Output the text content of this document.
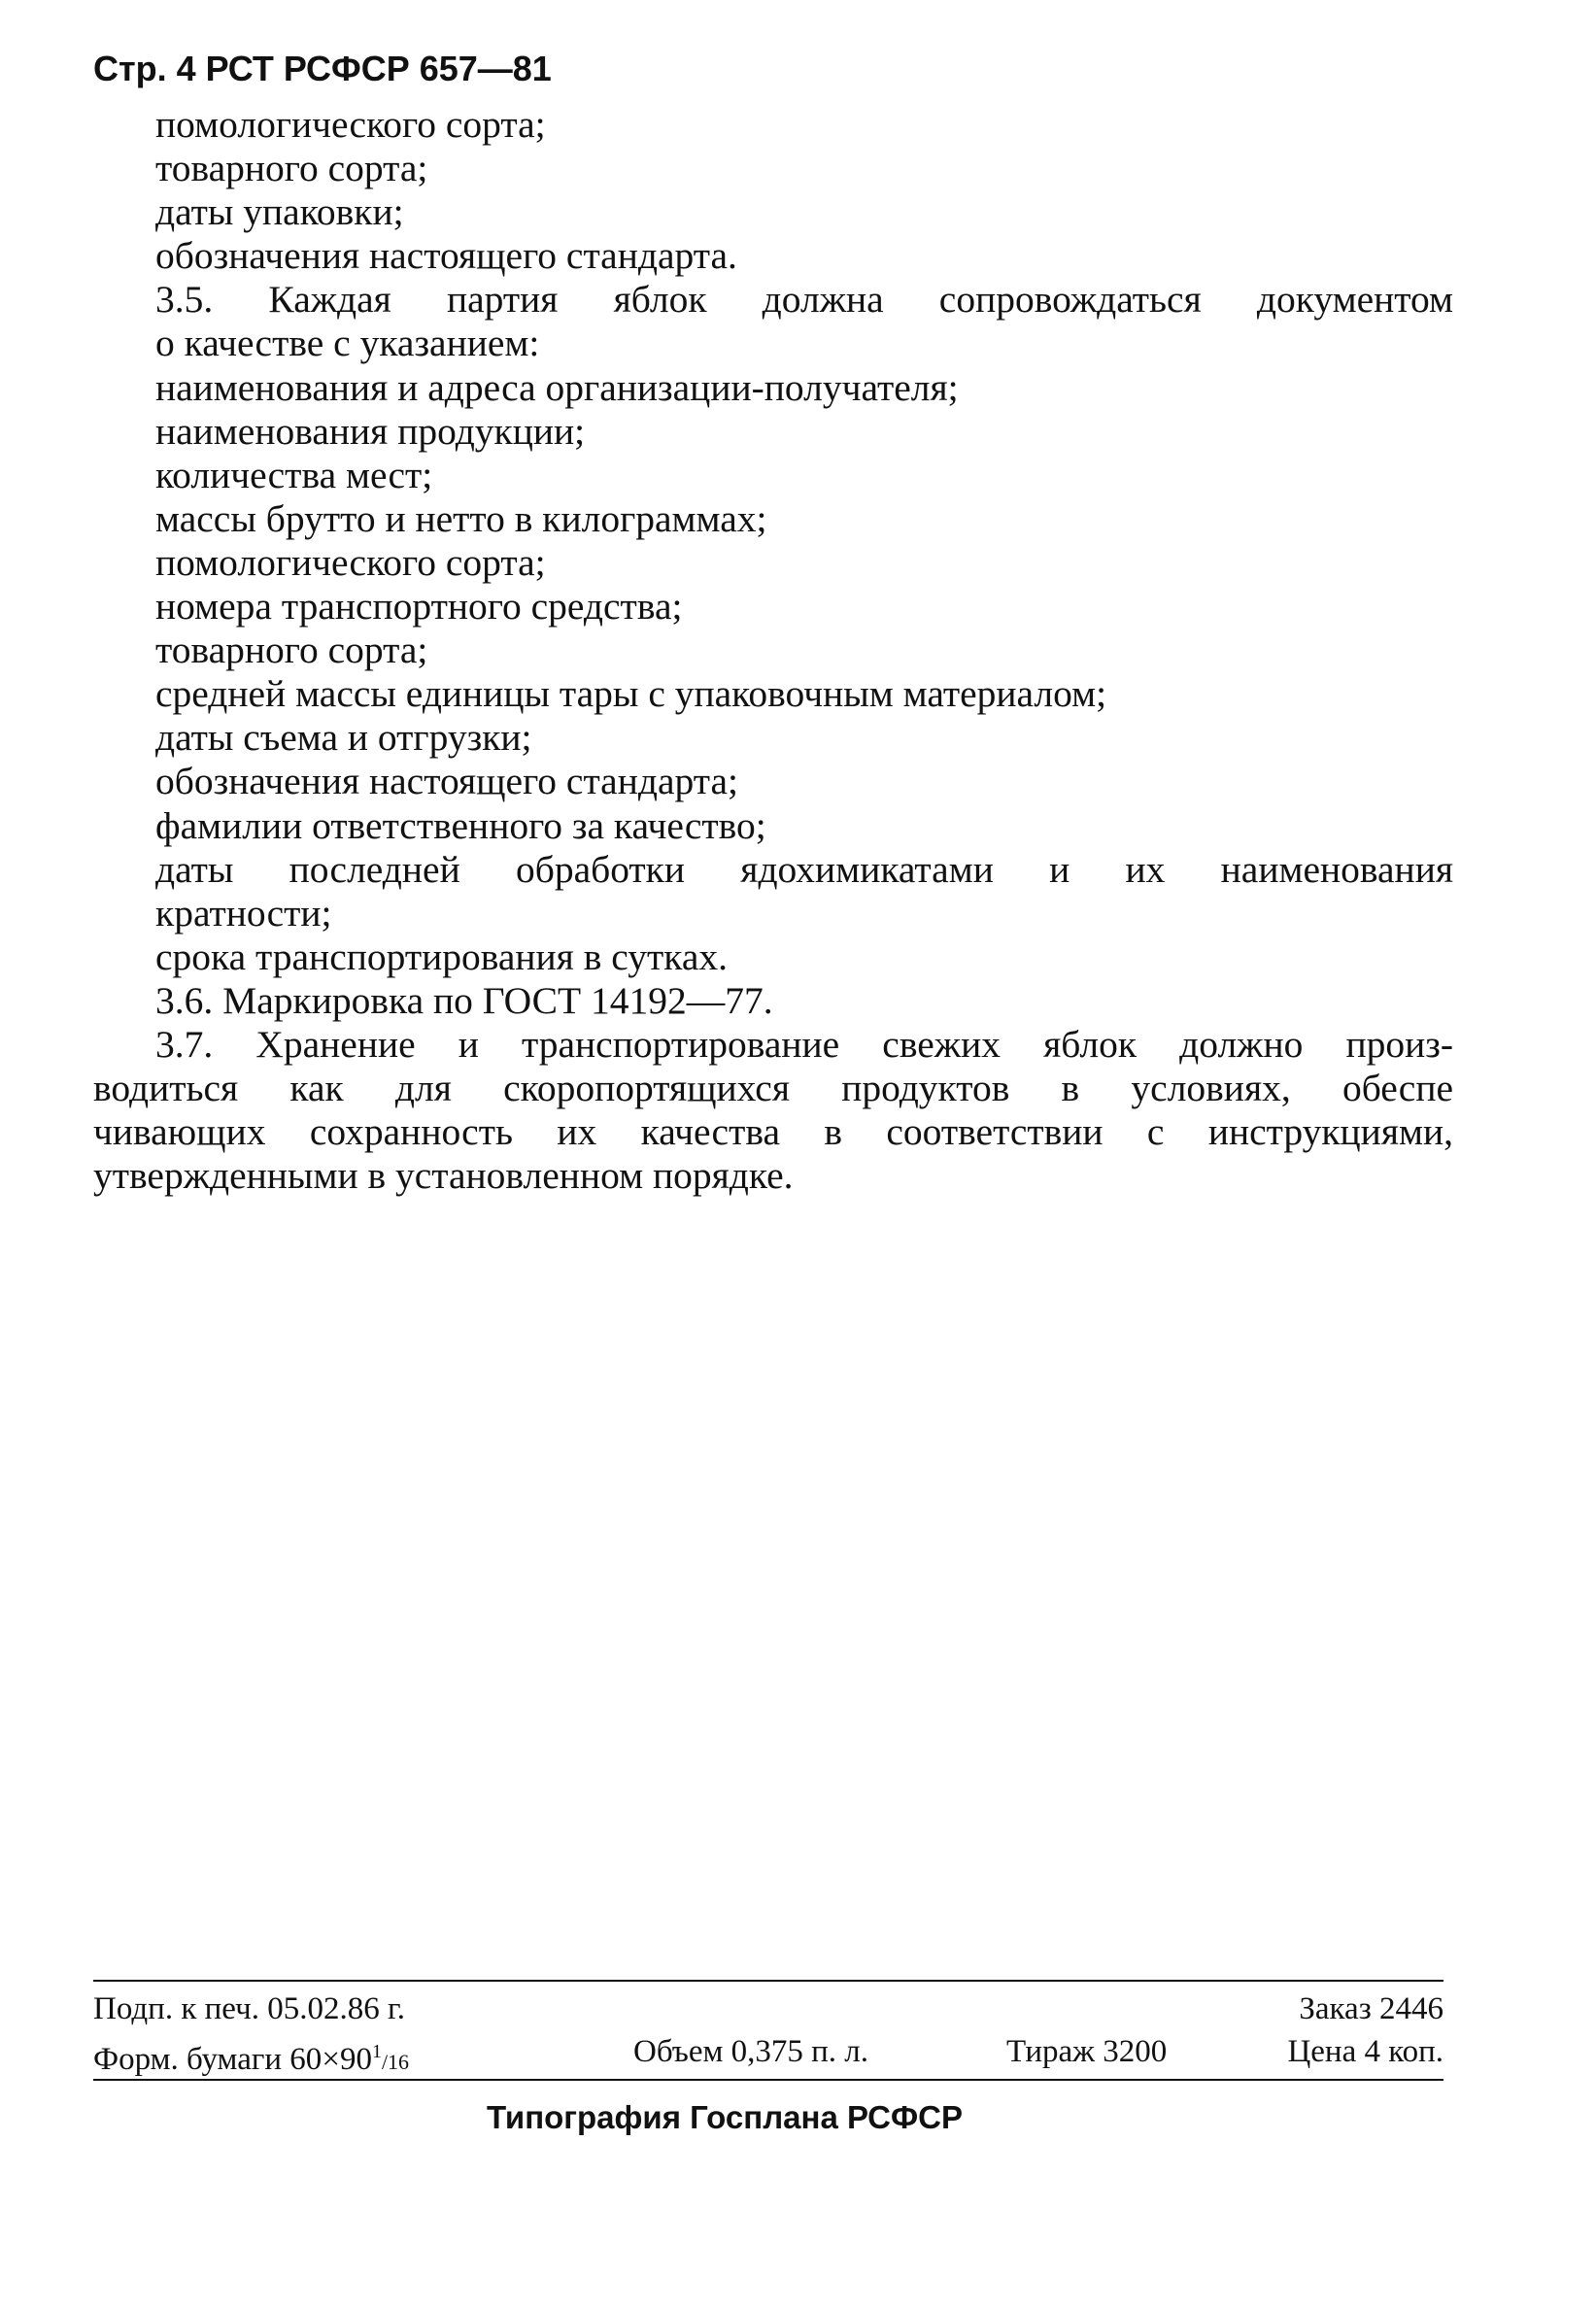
Стр. 4 РСТ РСФСР 657—81
помологического сорта;
товарного сорта;
даты упаковки;
обозначения настоящего стандарта.
3.5. Каждая партия яблок должна сопровождаться документом
о качестве с указанием:
наименования и адреса организации-получателя;
наименования продукции;
количества мест;
массы брутто и нетто в килограммах;
помологического сорта;
номера транспортного средства;
товарного сорта;
средней массы единицы тары с упаковочным материалом;
даты съема и отгрузки;
обозначения настоящего стандарта;
фамилии ответственного за качество;
даты последней обработки ядохимикатами и их наименования
кратности;
срока транспортирования в сутках.
3.6. Маркировка по ГОСТ 14192—77.
3.7. Хранение и транспортирование свежих яблок должно произ-
водиться как для скоропортящихся продуктов в условиях, обеспе
чивающих сохранность их качества в соответствии с инструкциями,
утвержденными в установленном порядке.
Подп. к печ. 05.02.86 г.	Заказ 2446
Форм. бумаги $60\times 90^1/16$	Объем 0,375 п. л.	Тираж 3200	Цена 4 коп.
Типография Госплана РСФСР
